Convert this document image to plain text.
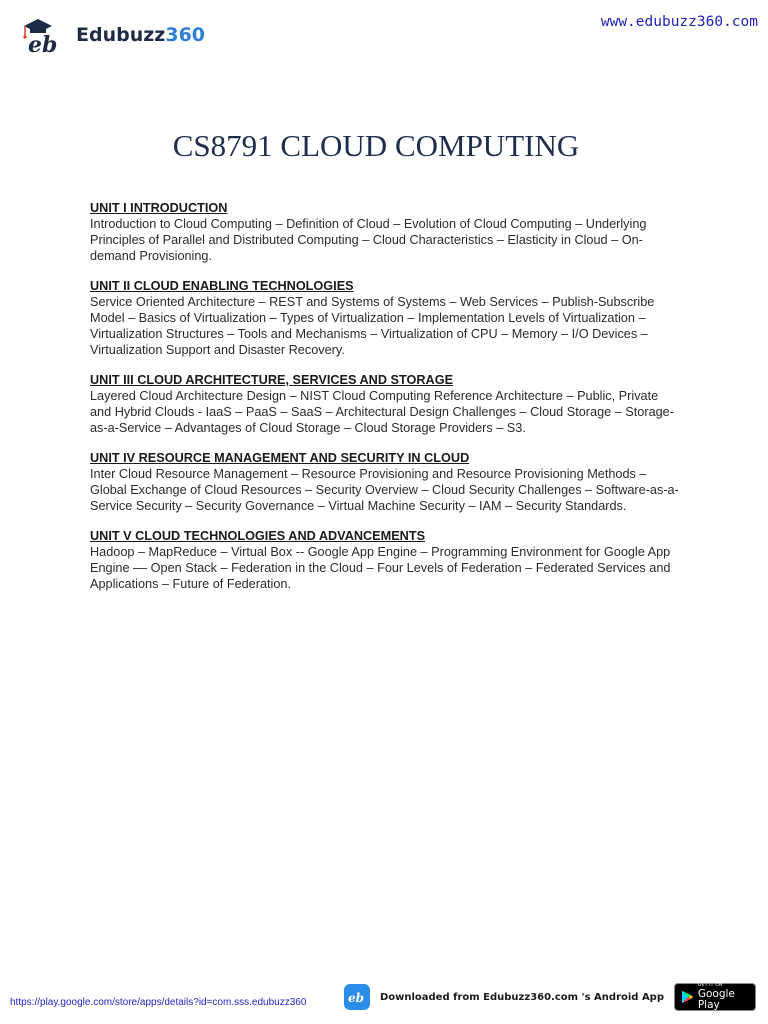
eb Edubuzz360
www.edubuzz360.com
CS8791 CLOUD COMPUTING
UNIT I INTRODUCTION
Introduction to Cloud Computing – Definition of Cloud – Evolution of Cloud Computing – Underlying Principles of Parallel and Distributed Computing – Cloud Characteristics – Elasticity in Cloud – On-demand Provisioning.
UNIT II CLOUD ENABLING TECHNOLOGIES
Service Oriented Architecture – REST and Systems of Systems – Web Services – Publish-Subscribe Model – Basics of Virtualization – Types of Virtualization – Implementation Levels of Virtualization – Virtualization Structures – Tools and Mechanisms – Virtualization of CPU – Memory – I/O Devices –Virtualization Support and Disaster Recovery.
UNIT III CLOUD ARCHITECTURE, SERVICES AND STORAGE
Layered Cloud Architecture Design – NIST Cloud Computing Reference Architecture – Public, Private and Hybrid Clouds - IaaS – PaaS – SaaS – Architectural Design Challenges – Cloud Storage – Storage-as-a-Service – Advantages of Cloud Storage – Cloud Storage Providers – S3.
UNIT IV RESOURCE MANAGEMENT AND SECURITY IN CLOUD
Inter Cloud Resource Management – Resource Provisioning and Resource Provisioning Methods – Global Exchange of Cloud Resources – Security Overview – Cloud Security Challenges – Software-as-a-Service Security – Security Governance – Virtual Machine Security – IAM – Security Standards.
UNIT V CLOUD TECHNOLOGIES AND ADVANCEMENTS
Hadoop – MapReduce – Virtual Box -- Google App Engine – Programming Environment for Google App Engine –– Open Stack – Federation in the Cloud – Four Levels of Federation – Federated Services and Applications – Future of Federation.
https://play.google.com/store/apps/details?id=com.sss.edubuzz360	eb Downloaded from Edubuzz360.com 's Android App
GET IT ON
Google Play
